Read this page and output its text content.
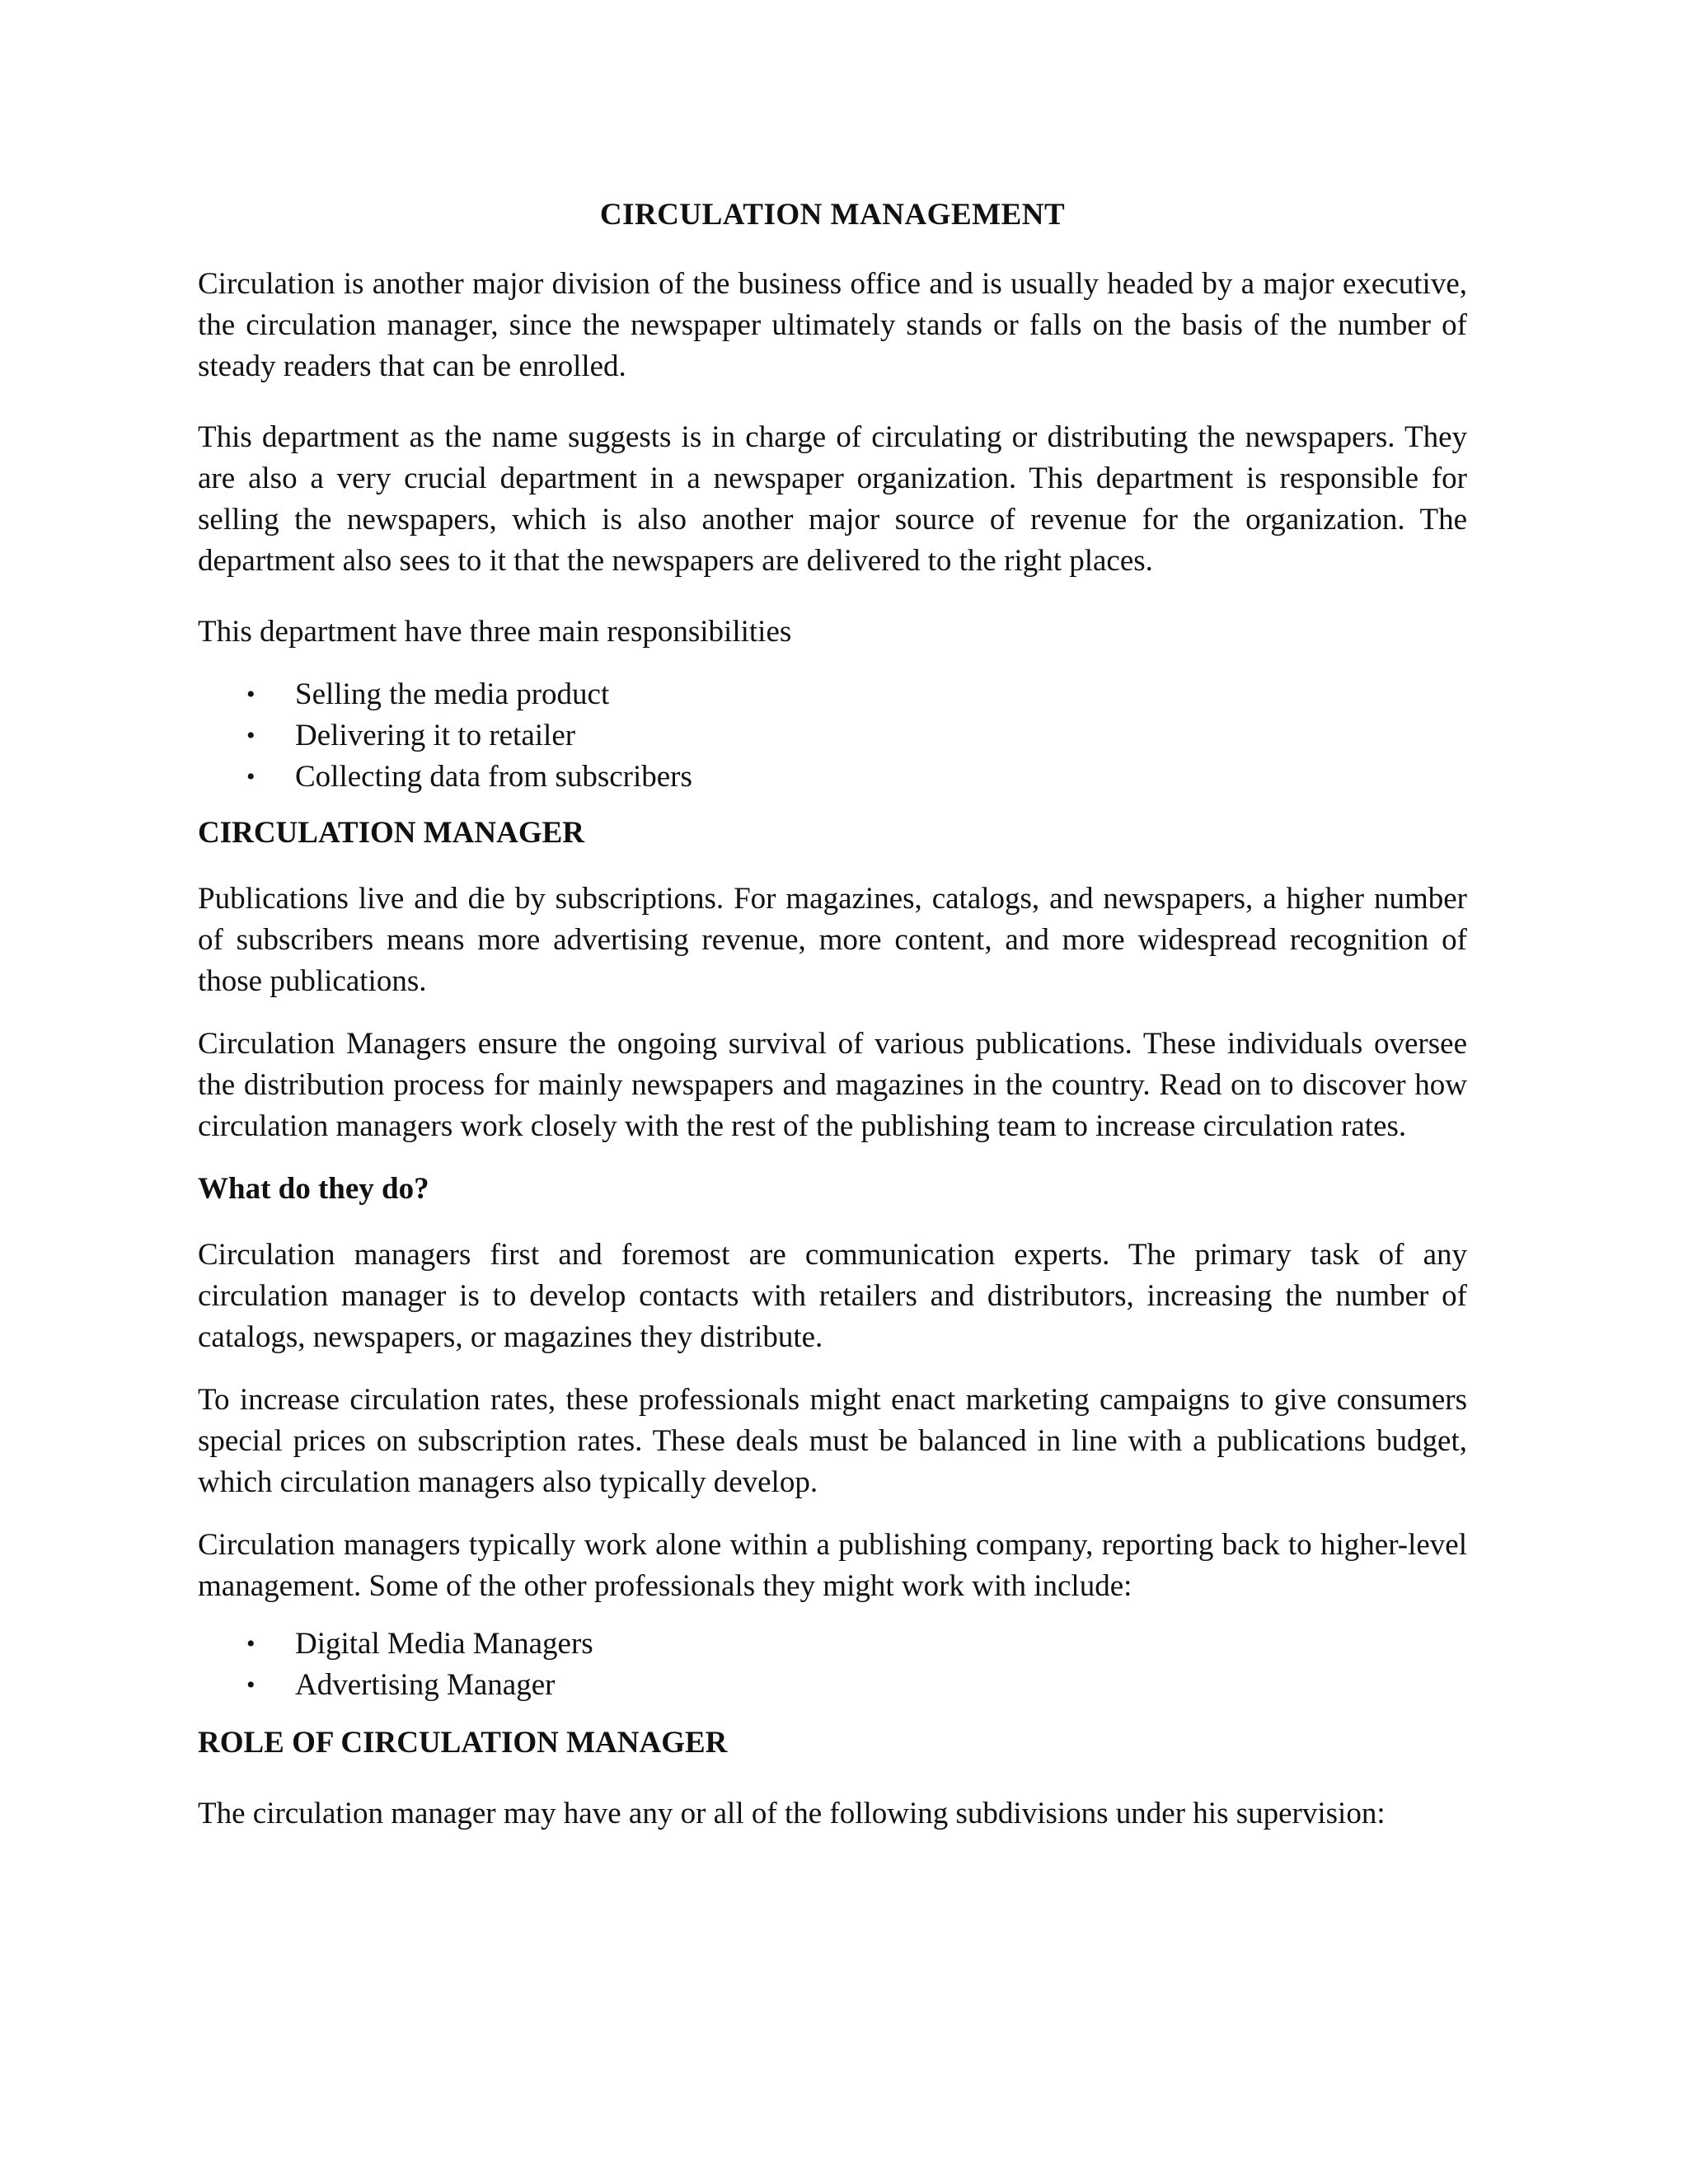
CIRCULATION MANAGEMENT

Circulation is another major division of the business office and is usually headed by a major executive, the circulation manager, since the newspaper ultimately stands or falls on the basis of the number of steady readers that can be enrolled.

This department as the name suggests is in charge of circulating or distributing the newspapers. They are also a very crucial department in a newspaper organization. This department is responsible for selling the newspapers, which is also another major source of revenue for the organization. The department also sees to it that the newspapers are delivered to the right places.

This department have three main responsibilities

• Selling the media product
• Delivering it to retailer
• Collecting data from subscribers
CIRCULATION MANAGER

Publications live and die by subscriptions. For magazines, catalogs, and newspapers, a higher number of subscribers means more advertising revenue, more content, and more widespread recognition of those publications.

Circulation Managers ensure the ongoing survival of various publications. These individuals oversee the distribution process for mainly newspapers and magazines in the country. Read on to discover how circulation managers work closely with the rest of the publishing team to increase circulation rates.

What do they do?

Circulation managers first and foremost are communication experts. The primary task of any circulation manager is to develop contacts with retailers and distributors, increasing the number of catalogs, newspapers, or magazines they distribute.

To increase circulation rates, these professionals might enact marketing campaigns to give consumers special prices on subscription rates. These deals must be balanced in line with a publications budget, which circulation managers also typically develop.

Circulation managers typically work alone within a publishing company, reporting back to higher-level management. Some of the other professionals they might work with include:

• Digital Media Managers
• Advertising Manager
ROLE OF CIRCULATION MANAGER

The circulation manager may have any or all of the following subdivisions under his supervision:
